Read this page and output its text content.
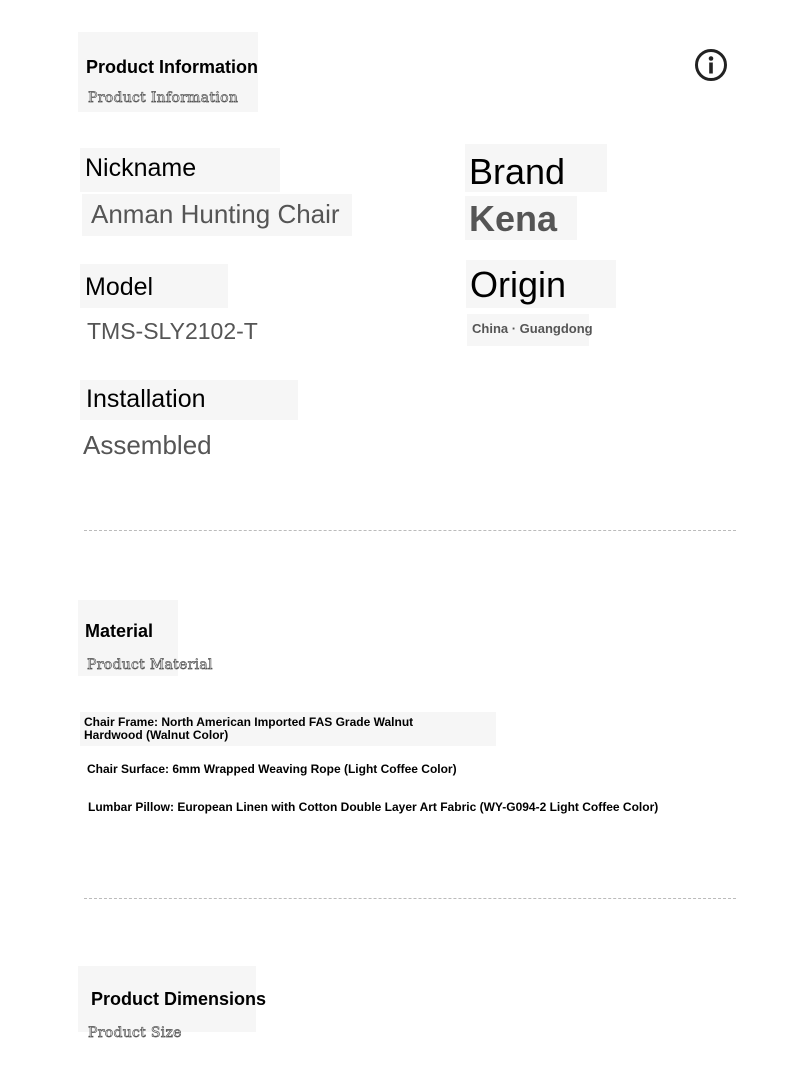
Product Information
Product Information
Nickname
Anman Hunting Chair
Brand
Kena
Model
TMS-SLY2102-T
Origin
China · Guangdong
Installation
Assembled
Material
Product Material
Chair Frame: North American Imported FAS Grade Walnut Hardwood (Walnut Color)
Chair Surface: 6mm Wrapped Weaving Rope (Light Coffee Color)
Lumbar Pillow: European Linen with Cotton Double Layer Art Fabric (WY-G094-2 Light Coffee Color)
Product Dimensions
Product Size
